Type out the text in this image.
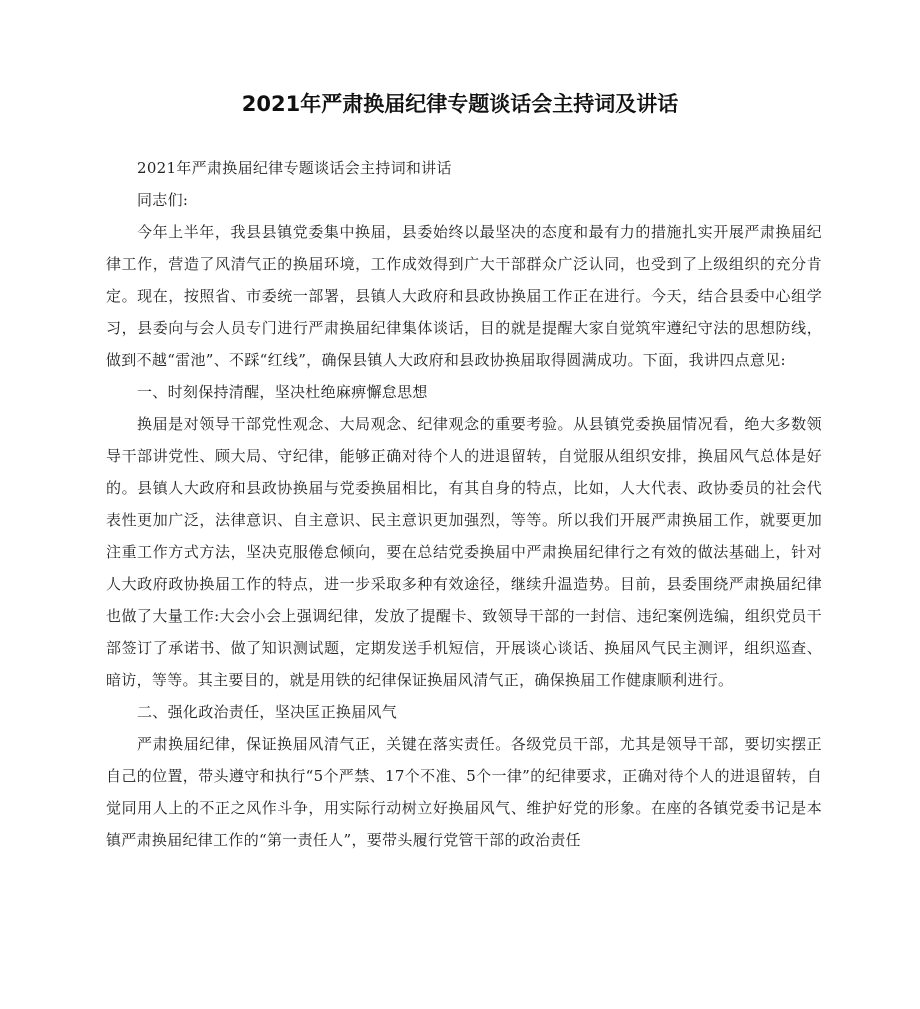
2021年严肃换届纪律专题谈话会主持词及讲话

2021年严肃换届纪律专题谈话会主持词和讲话

同志们:

今年上半年，我县县镇党委集中换届，县委始终以最坚决的态度和最有力的措施扎实开展严肃换届纪律工作，营造了风清气正的换届环境，工作成效得到广大干部群众广泛认同，也受到了上级组织的充分肯定。现在，按照省、市委统一部署，县镇人大政府和县政协换届工作正在进行。今天，结合县委中心组学习，县委向与会人员专门进行严肃换届纪律集体谈话，目的就是提醒大家自觉筑牢遵纪守法的思想防线，做到不越“雷池”、不踩“红线”，确保县镇人大政府和县政协换届取得圆满成功。下面，我讲四点意见:

一、时刻保持清醒，坚决杜绝麻痹懈怠思想

换届是对领导干部党性观念、大局观念、纪律观念的重要考验。从县镇党委换届情况看，绝大多数领导干部讲党性、顾大局、守纪律，能够正确对待个人的进退留转，自觉服从组织安排，换届风气总体是好的。县镇人大政府和县政协换届与党委换届相比，有其自身的特点，比如，人大代表、政协委员的社会代表性更加广泛，法律意识、自主意识、民主意识更加强烈，等等。所以我们开展严肃换届工作，就要更加注重工作方式方法，坚决克服倦怠倾向，要在总结党委换届中严肃换届纪律行之有效的做法基础上，针对人大政府政协换届工作的特点，进一步采取多种有效途径，继续升温造势。目前，县委围绕严肃换届纪律也做了大量工作:大会小会上强调纪律，发放了提醒卡、致领导干部的一封信、违纪案例选编，组织党员干部签订了承诺书、做了知识测试题，定期发送手机短信，开展谈心谈话、换届风气民主测评，组织巡查、暗访，等等。其主要目的，就是用铁的纪律保证换届风清气正，确保换届工作健康顺利进行。

二、强化政治责任，坚决匡正换届风气

严肃换届纪律，保证换届风清气正，关键在落实责任。各级党员干部，尤其是领导干部，要切实摆正自己的位置，带头遵守和执行“5个严禁、17个不准、5个一律”的纪律要求，正确对待个人的进退留转，自觉同用人上的不正之风作斗争，用实际行动树立好换届风气、维护好党的形象。在座的各镇党委书记是本镇严肃换届纪律工作的“第一责任人”，要带头履行党管干部的政治责任
